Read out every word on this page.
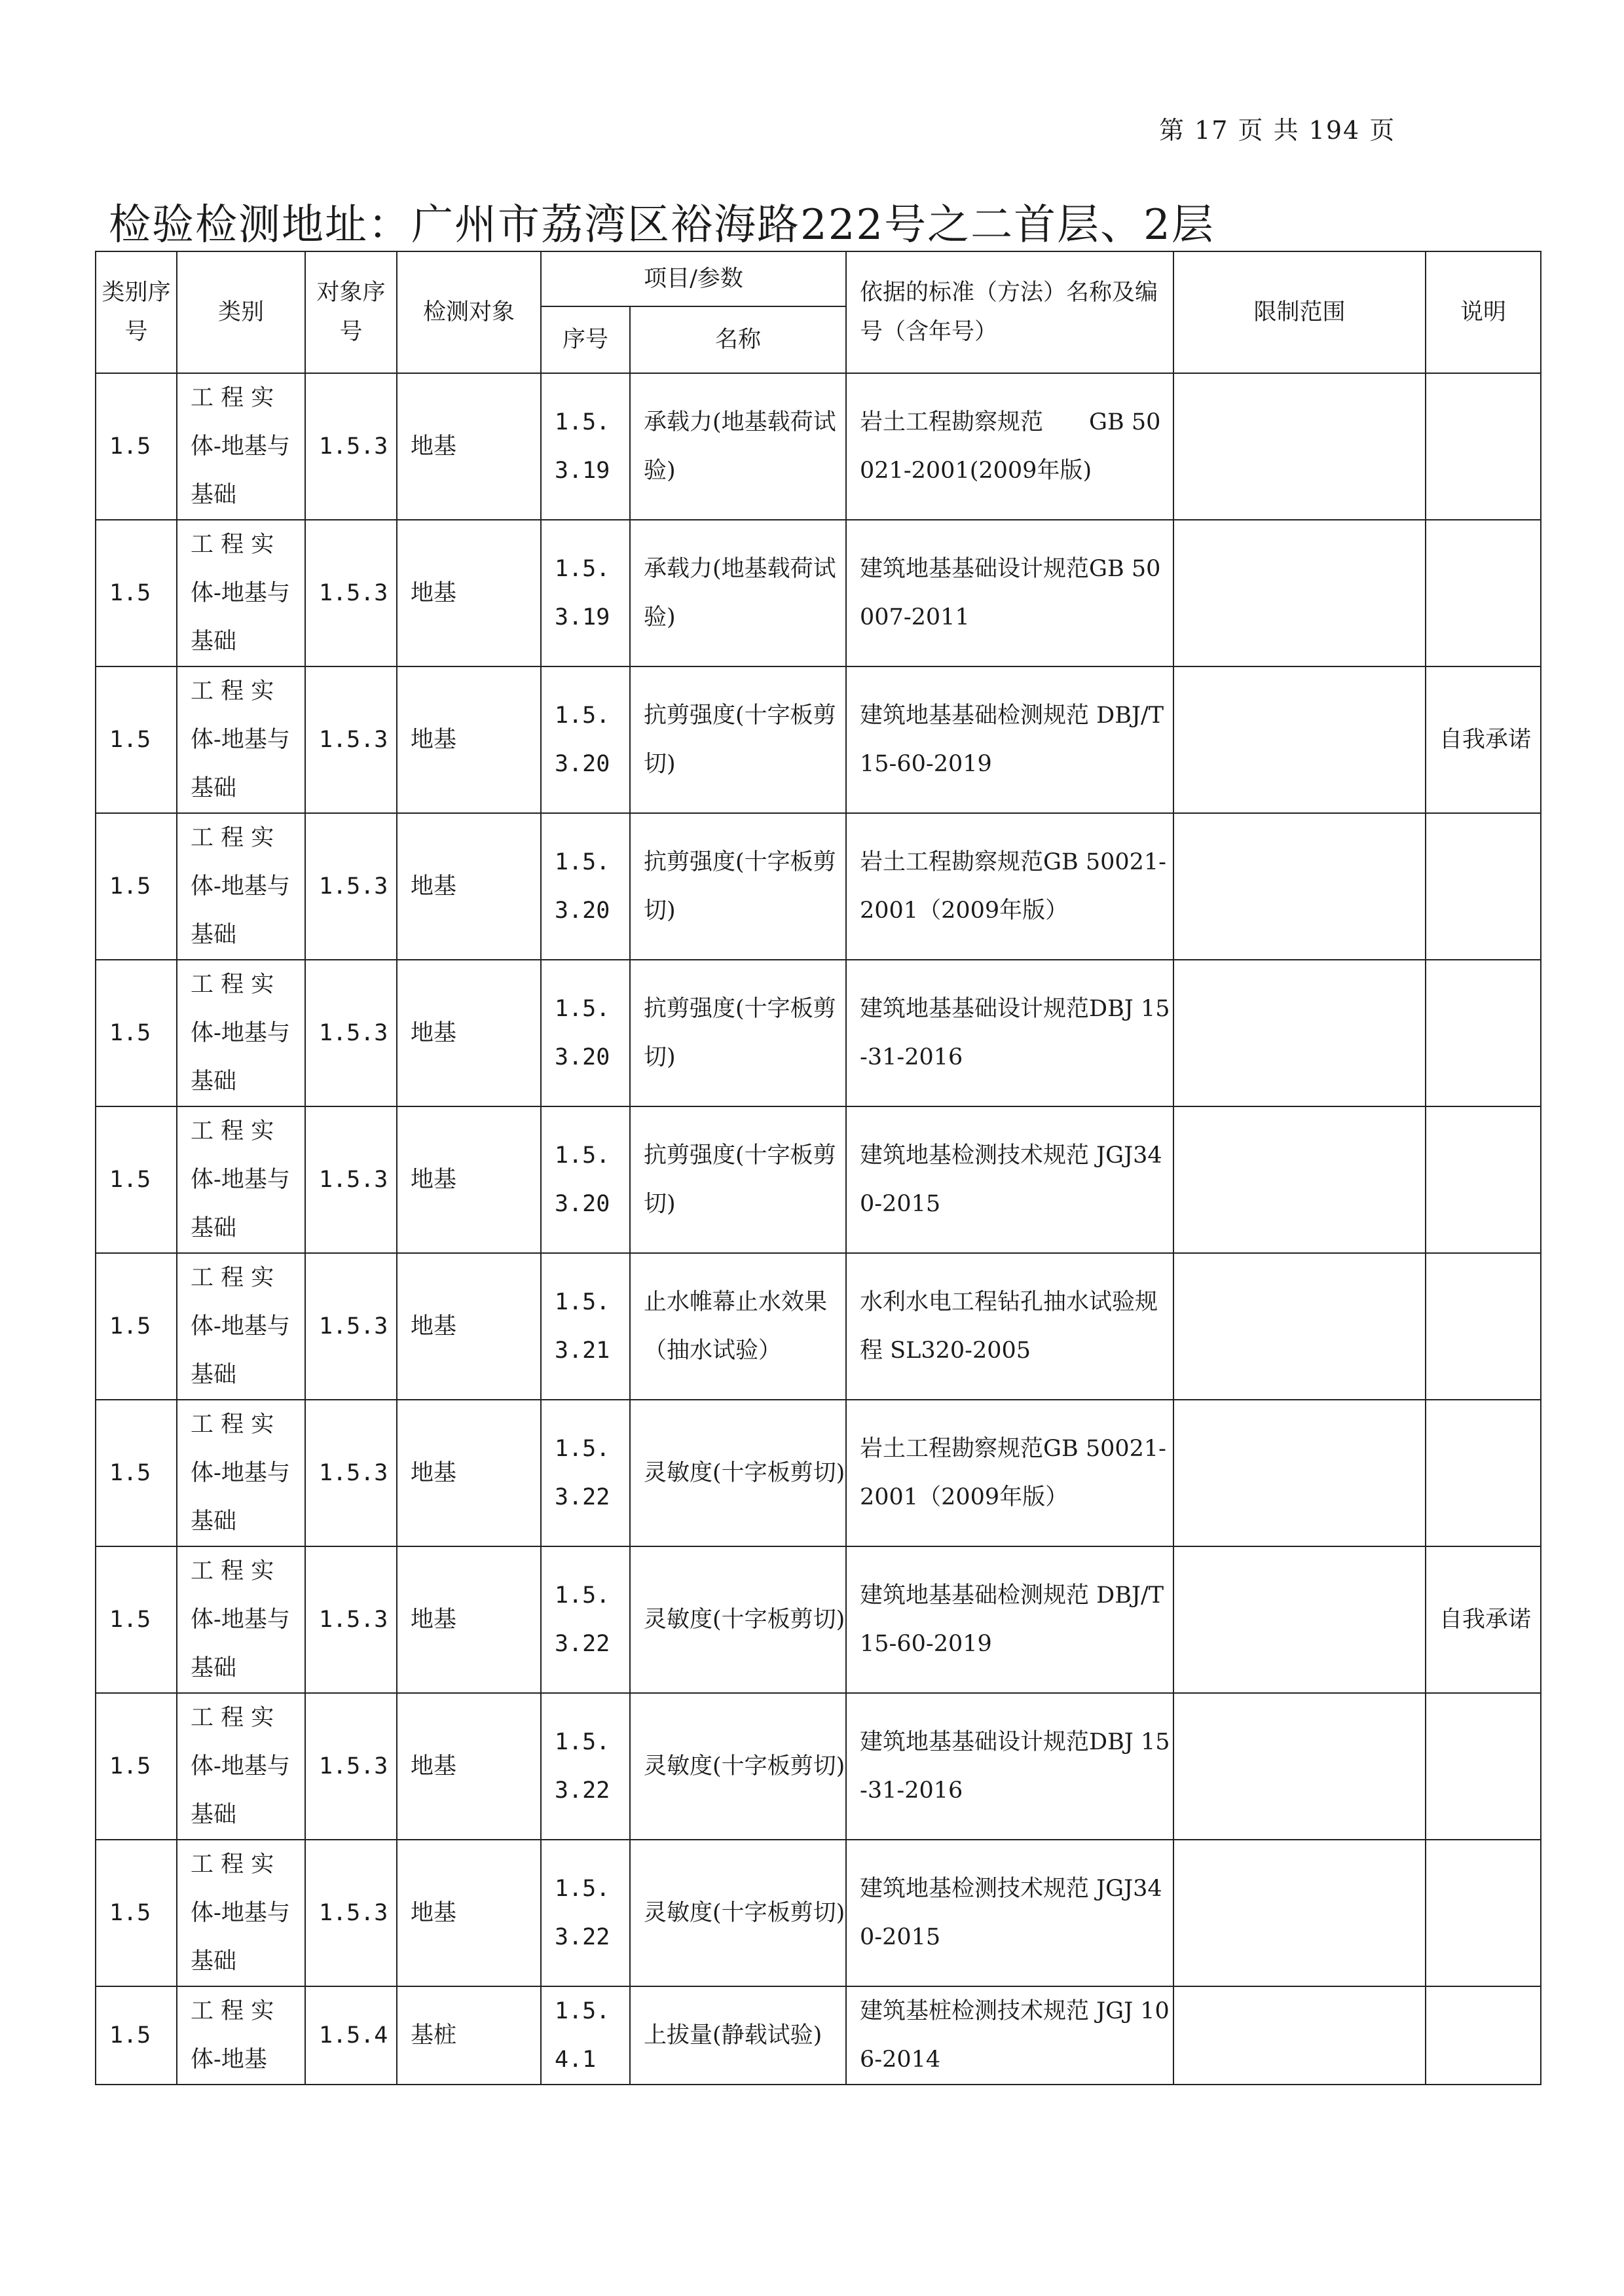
第 17 页 共 194 页
检验检测地址：广州市荔湾区裕海路222号之二首层、2层
类别序号	类别	对象序号	检测对象	项目/参数		依据的标准（方法）名称及编号（含年号）	限制范围	说明
				序号	名称			
1.5	工 程 实体-地基与基础	1.5.3	地基	1.5.3.19	承载力(地基载荷试验)	岩土工程勘察规范　　GB 50021-2001(2009年版)		
1.5	工 程 实体-地基与基础	1.5.3	地基	1.5.3.19	承载力(地基载荷试验)	建筑地基基础设计规范GB 50007-2011		
1.5	工 程 实体-地基与基础	1.5.3	地基	1.5.3.20	抗剪强度(十字板剪切)	建筑地基基础检测规范 DBJ/T 15-60-2019		自我承诺
1.5	工 程 实体-地基与基础	1.5.3	地基	1.5.3.20	抗剪强度(十字板剪切)	岩土工程勘察规范GB 50021-2001（2009年版）		
1.5	工 程 实体-地基与基础	1.5.3	地基	1.5.3.20	抗剪强度(十字板剪切)	建筑地基基础设计规范DBJ 15-31-2016		
1.5	工 程 实体-地基与基础	1.5.3	地基	1.5.3.20	抗剪强度(十字板剪切)	建筑地基检测技术规范 JGJ340-2015		
1.5	工 程 实体-地基与基础	1.5.3	地基	1.5.3.21	止水帷幕止水效果（抽水试验）	水利水电工程钻孔抽水试验规程 SL320-2005		
1.5	工 程 实体-地基与基础	1.5.3	地基	1.5.3.22	灵敏度(十字板剪切)	岩土工程勘察规范GB 50021-2001（2009年版）		
1.5	工 程 实体-地基与基础	1.5.3	地基	1.5.3.22	灵敏度(十字板剪切)	建筑地基基础检测规范 DBJ/T 15-60-2019		自我承诺
1.5	工 程 实体-地基与基础	1.5.3	地基	1.5.3.22	灵敏度(十字板剪切)	建筑地基基础设计规范DBJ 15-31-2016		
1.5	工 程 实体-地基与基础	1.5.3	地基	1.5.3.22	灵敏度(十字板剪切)	建筑地基检测技术规范 JGJ340-2015		
1.5	工 程 实体-地基	1.5.4	基桩	1.5.4.1	上拔量(静载试验)	建筑基桩检测技术规范 JGJ 106-2014		
